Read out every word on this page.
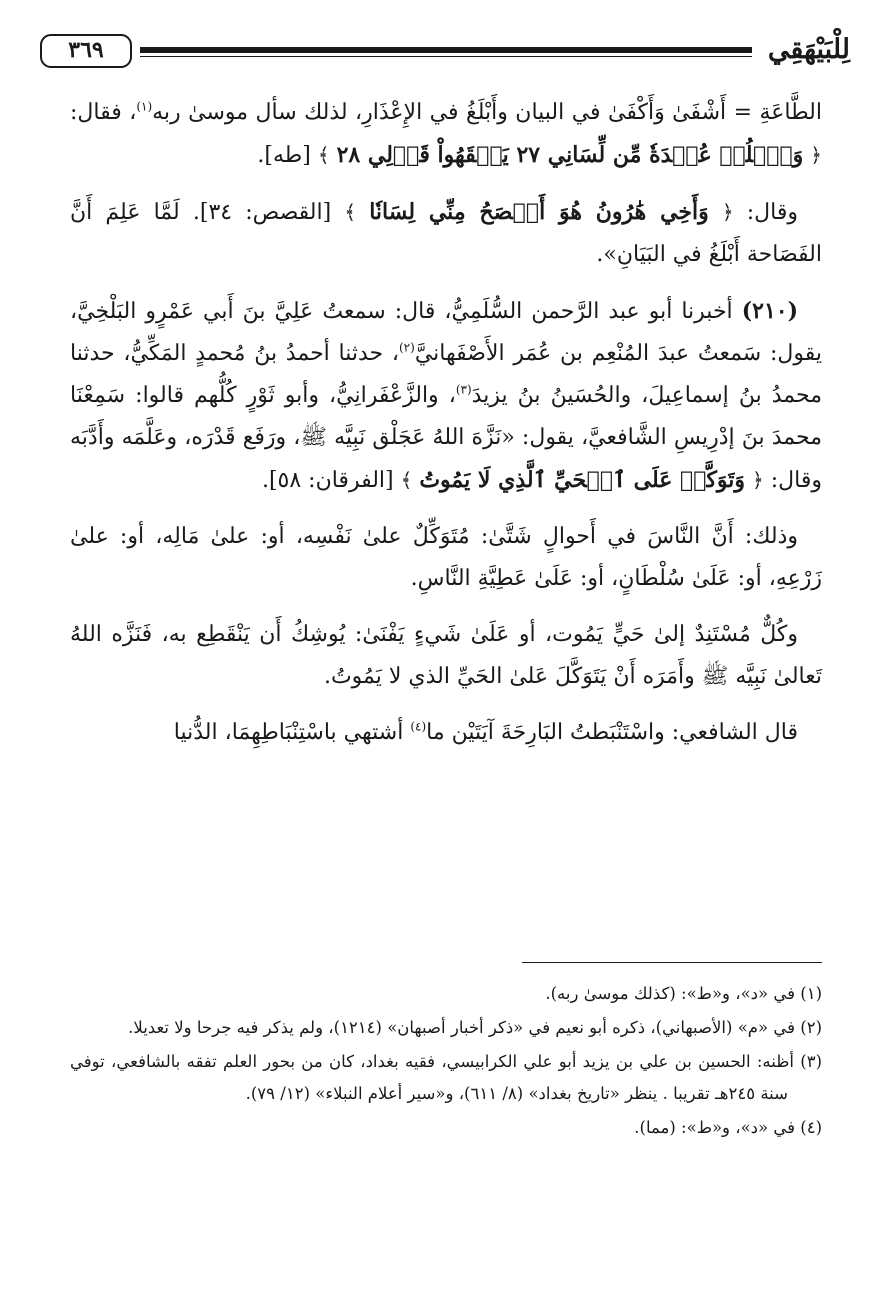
٣٦٩	لِلْبَيْهَقِي

الطَّاعَةِ = أَشْفَىٰ وَأَكْفَىٰ في البيان وأَبْلَغُ في الإِعْذَارِ، لذلك سأل موسىٰ ربه$^{(١)}$، فقال: ﴿ وَٱحۡلُلۡ عُقۡدَةٗ مِّن لِّسَانِي ٢٧ يَفۡقَهُواْ قَوۡلِي ٢٨ ﴾ [طه].

وقال: ﴿ وَأَخِي هَٰرُونُ هُوَ أَفۡصَحُ مِنِّي لِسَانٗا ﴾ [القصص: ٣٤]. لَمَّا عَلِمَ أَنَّ الفَصَاحة أَبْلَغُ في البَيَانِ».

(٢١٠) أخبرنا أبو عبد الرَّحمن السُّلَمِيُّ، قال: سمعتُ عَلِيَّ بنَ أَبي عَمْرٍو البَلْخِيَّ، يقول: سَمعتُ عبدَ المُنْعِم بن عُمَر الأَصْفَهانيَّ$^{(٢)}$، حدثنا أحمدُ بنُ مُحمدٍ المَكِّيُّ، حدثنا محمدُ بنُ إسماعِيلَ، والحُسَينُ بنُ يزيدَ$^{(٣)}$، والزَّعْفَرانِيُّ، وأبو ثَوْرٍ كُلُّهم قالوا: سَمِعْنَا محمدَ بنَ إدْرِيسِ الشَّافعيَّ، يقول: «نَزَّهَ اللهُ عَجَلْق نَبِيَّه ﷺ، ورَفَع قَدْرَه، وعَلَّمَه وأَدَّبَه وقال: ﴿ وَتَوَكَّلۡ عَلَى ٱلۡحَيِّ ٱلَّذِي لَا يَمُوتُ ﴾ [الفرقان: ٥٨].

وذلك: أَنَّ النَّاسَ في أَحوالٍ شَتَّىٰ: مُتَوَكِّلٌ علىٰ نَفْسِه، أو: علىٰ مَالِه، أو: علىٰ زَرْعِهِ، أو: عَلَىٰ سُلْطَانٍ، أو: عَلَىٰ عَطِيَّةِ النَّاسِ.

وكُلٌّ مُسْتَنِدٌ إلىٰ حَيٍّ يَمُوت، أو عَلَىٰ شَيءٍ يَفْنَىٰ: يُوشِكُ أَن يَنْقَطِع به، فَنَزَّه اللهُ تَعالىٰ نَبِيَّه ﷺ وأَمَرَه أَنْ يَتَوَكَّلَ عَلىٰ الحَيِّ الذي لا يَمُوتُ.

قال الشافعي: واسْتَنْبَطتُ البَارِحَةَ آيَتَيْن ما$^{(٤)}$ أشتهي باسْتِنْبَاطِهِمَا، الدُّنيا

(١) في «د»، و«ط»: (كذلك موسىٰ ربه).

(٢) في «م» (الأصبهاني)، ذكره أبو نعيم في «ذكر أخبار أصبهان» (١٢١٤)، ولم يذكر فيه جرحا ولا تعديلا.

(٣) أظنه: الحسين بن علي بن يزيد أبو علي الكرابيسي، فقيه بغداد، كان من بحور العلم تفقه بالشافعي، توفي سنة ٢٤٥هـ تقريبا . ينظر «تاريخ بغداد» (٨/ ٦١١)، و«سير أعلام النبلاء» (١٢/ ٧٩).

(٤) في «د»، و«ط»: (مما).
